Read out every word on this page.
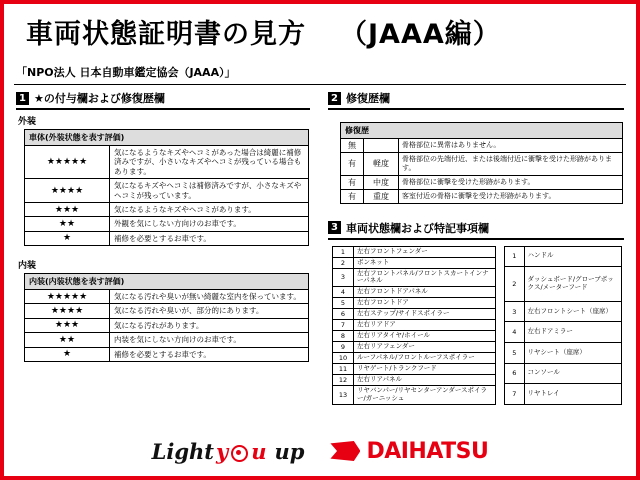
車両状態証明書の見方 （JAAA編）
「NPO法人 日本自動車鑑定協会（JAAA）」
1 ★の付与欄および修復歴欄
外装
車体(外装状態を表す評価)	
★★★★★	気になるようなキズやヘコミがあった場合は綺麗に補修済みですが、小さいなキズやヘコミが残っている場合もあります。
★★★★	気になるキズやヘコミは補修済みですが、小さなキズやヘコミが残っています。
★★★	気になるようなキズやヘコミがあります。
★★	外観を気にしない方向けのお車です。
★	補修を必要とするお車です。
内装
内装(内装状態を表す評価)	
★★★★★	気になる汚れや臭いが無い綺麗な室内を保っています。
★★★★	気になる汚れや臭いが、部分的にあります。
★★★	気になる汚れがあります。
★★	内装を気にしない方向けのお車です。
★	補修を必要とするお車です。
2 修復歴欄
修復歴		
無		骨格部位に異常はありません。
有	軽度	骨格部位の先端付近、または後端付近に衝撃を受けた形跡があります。
有	中度	骨格部位に衝撃を受けた形跡があります。
有	重度	客室付近の骨格に衝撃を受けた形跡があります。
3 車両状態欄および特記事項欄
1	左右フロントフェンダー
2	ボンネット
3	左右フロントパネル/フロントスカートインナーパネル
4	左右フロントドアパネル
5	左右フロントドア
6	左右ステップ/サイドスポイラー
7	左右リアドア
8	左右リアタイヤ/ホイール
9	左右リアフェンダー
10	ルーフパネル/フロントルーフスポイラー
11	リヤゲート/トランクフード
12	左右リアパネル
13	リヤバンパー/リヤセンターアンダースポイラー/ガーニッシュ
1	ハンドル
2	ダッシュボード/グローブボックス/メーターフード
3	左右フロントシート（座席）
4	左右ドアミラー
5	リヤシート（座席）
6	コンソール
7	リヤトレイ
Light y u up	DAIHATSU
